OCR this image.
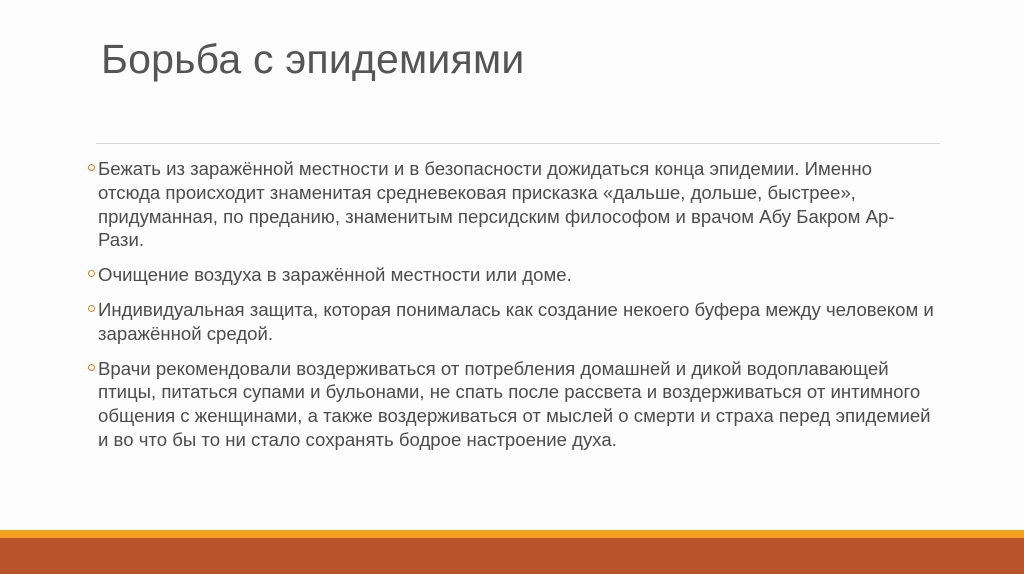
Борьба с эпидемиями
Бежать из заражённой местности и в безопасности дожидаться конца эпидемии. Именно отсюда происходит знаменитая средневековая присказка «дальше, дольше, быстрее», придуманная, по преданию, знаменитым персидским философом и врачом Абу Бакром Ар-Рази.
Очищение воздуха в заражённой местности или доме.
Индивидуальная защита, которая понималась как создание некоего буфера между человеком и заражённой средой.
Врачи рекомендовали воздерживаться от потребления домашней и дикой водоплавающей птицы, питаться супами и бульонами, не спать после рассвета и воздерживаться от интимного общения с женщинами, а также воздерживаться от мыслей о смерти и страха перед эпидемией и во что бы то ни стало сохранять бодрое настроение духа.
